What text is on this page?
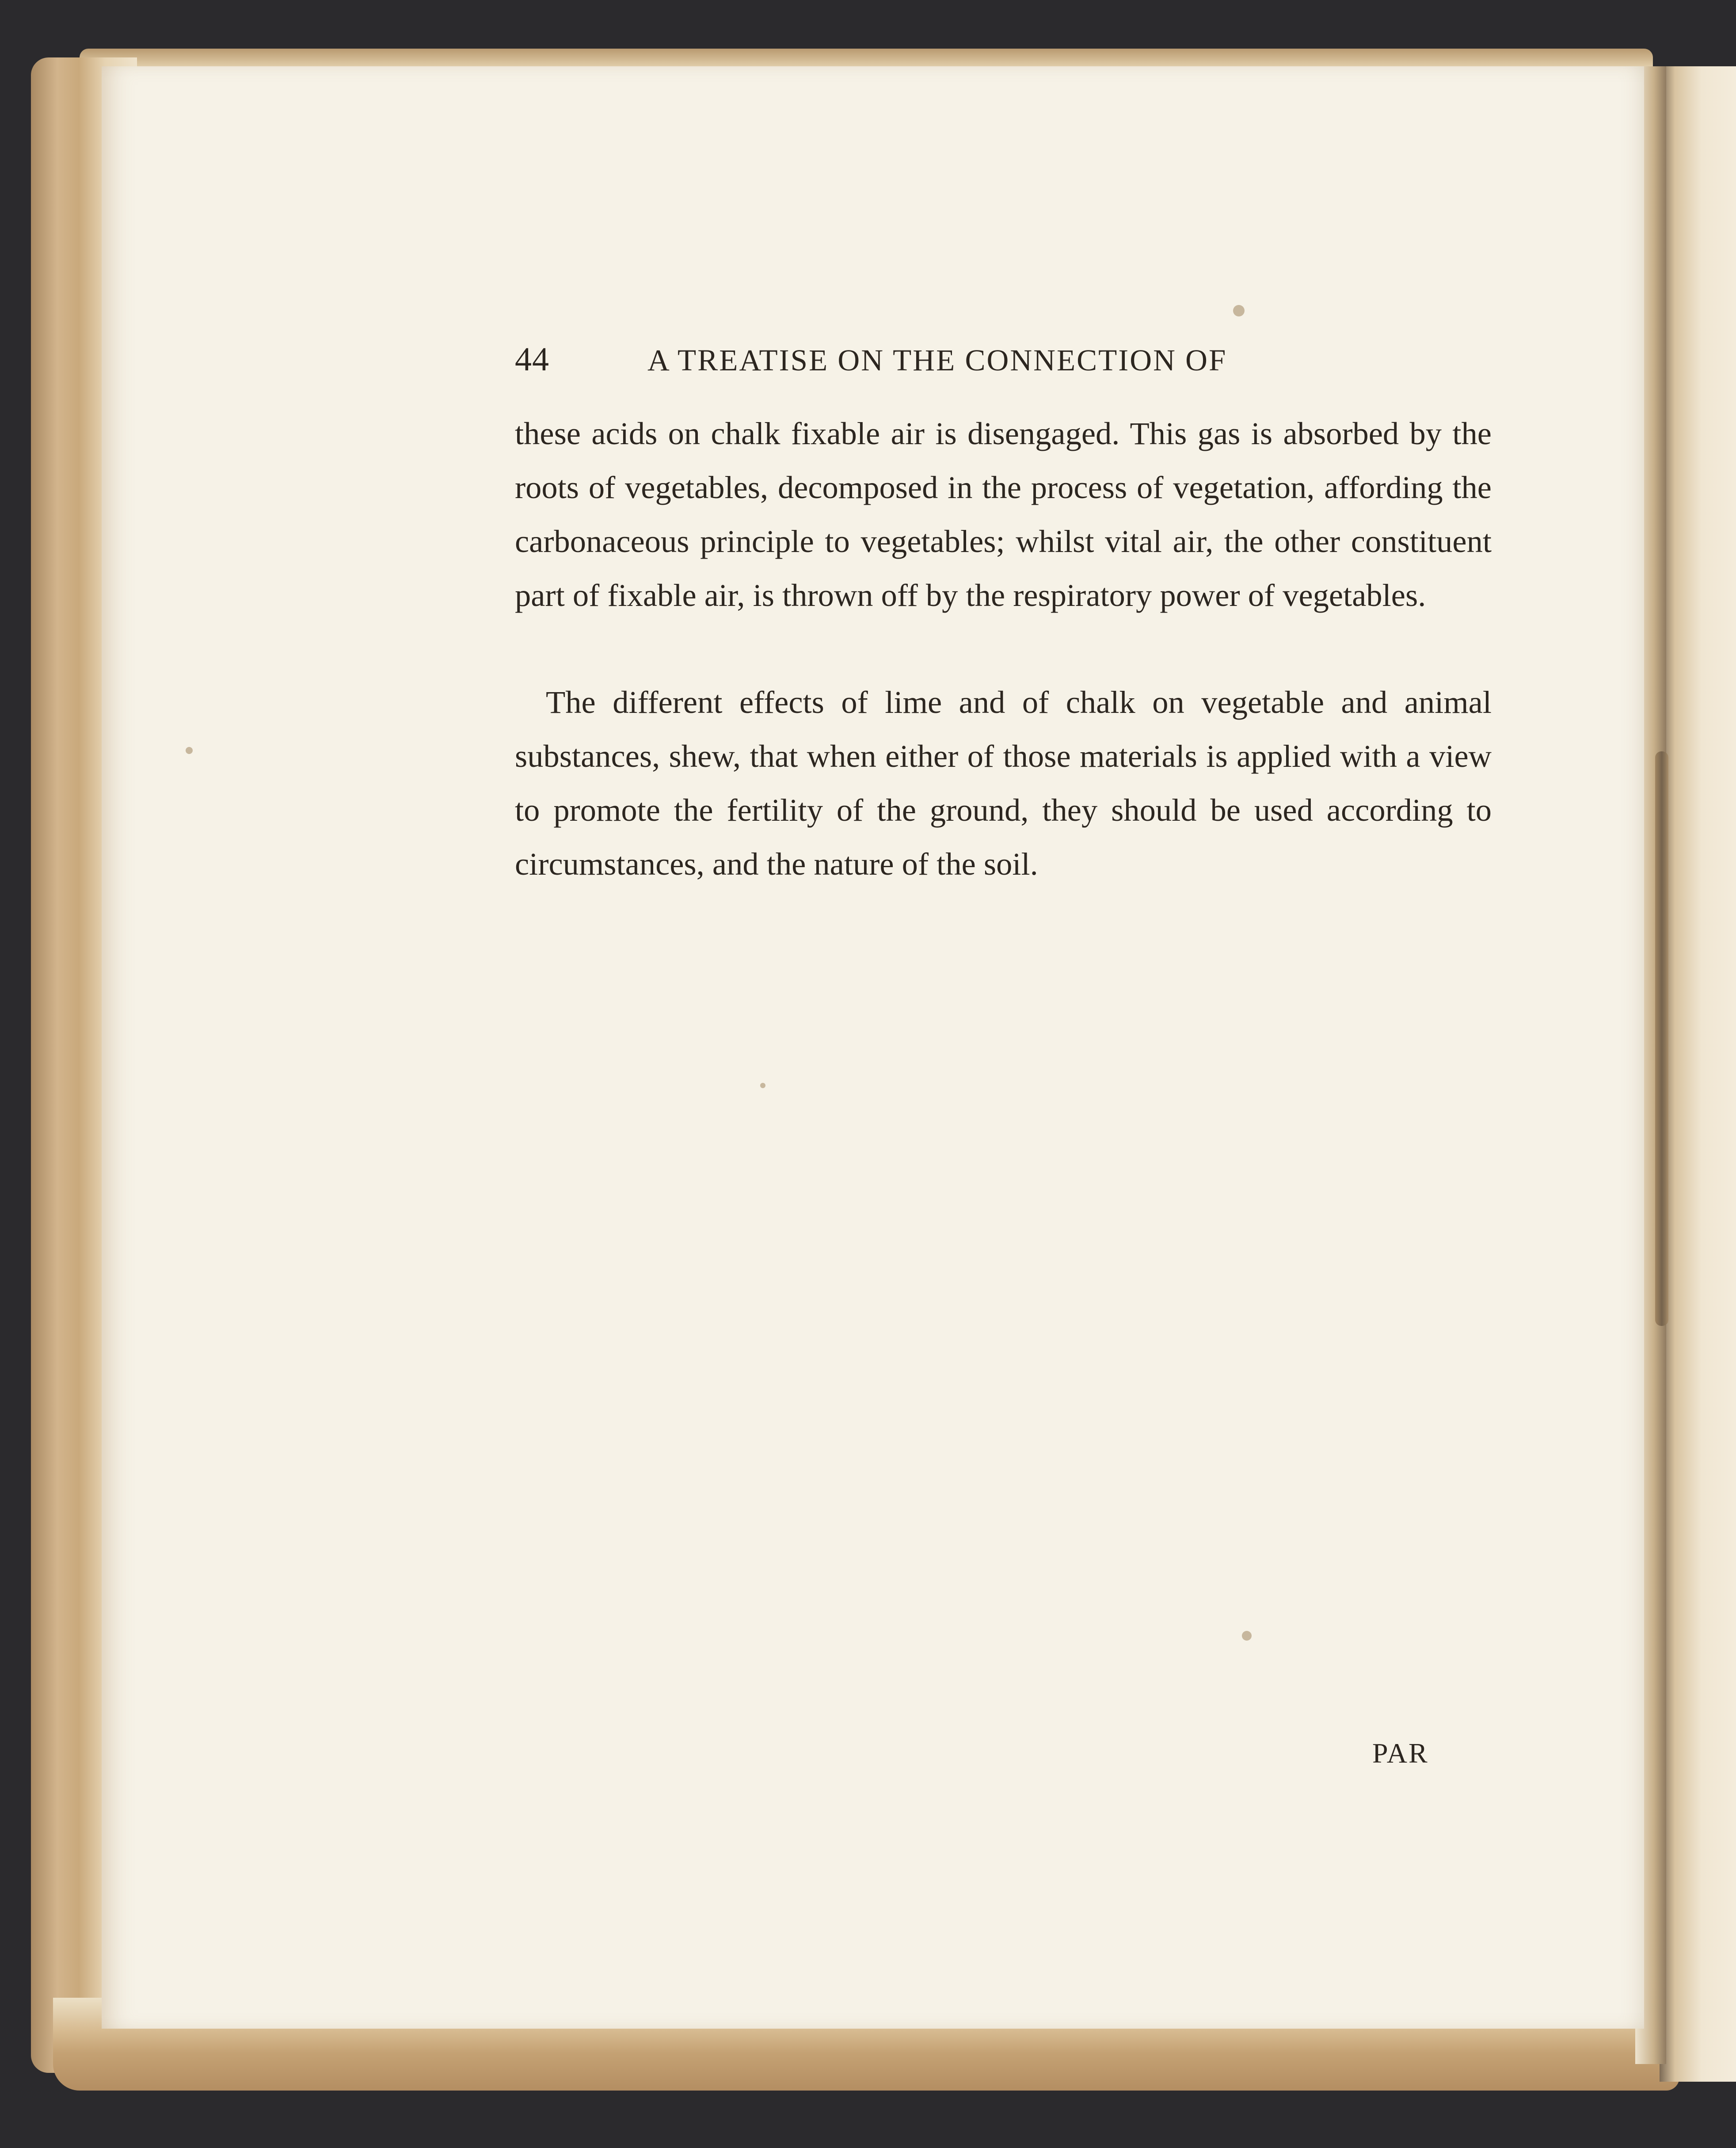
44	A TREATISE ON THE CONNECTION OF

these acids on chalk fixable air is disengaged. This gas is absorbed by the roots of vegetables, decomposed in the process of vegetation, affording the carbonaceous principle to vegetables; whilst vital air, the other constituent part of fixable air, is thrown off by the respiratory power of vegetables.

The different effects of lime and of chalk on vegetable and animal substances, shew, that when either of those materials is applied with a view to promote the fertility of the ground, they should be used according to circumstances, and the nature of the soil.

PAR
